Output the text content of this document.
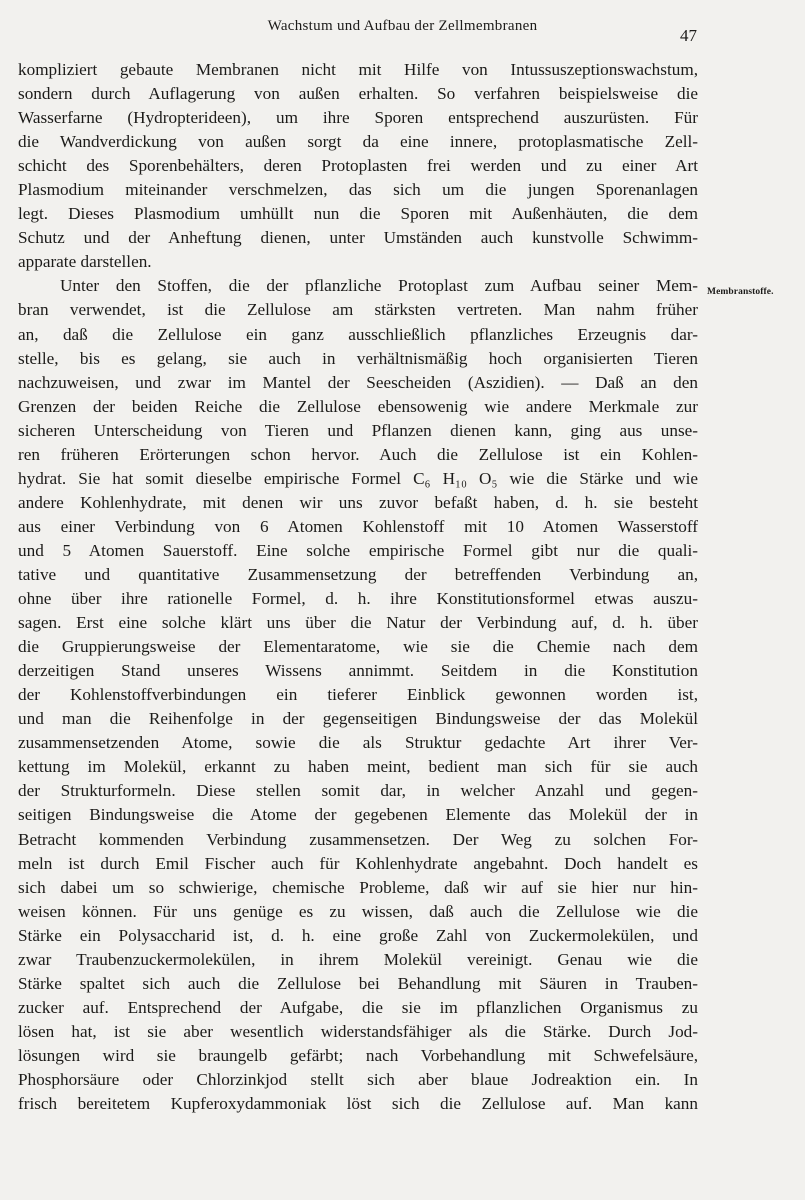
Wachstum und Aufbau der Zellmembranen	47
Membranstoffe.
kompliziert gebaute Membranen nicht mit Hilfe von Intussuszeptionswachstum,
sondern durch Auflagerung von außen erhalten. So verfahren beispielsweise die
Wasserfarne (Hydropterideen), um ihre Sporen entsprechend auszurüsten. Für
die Wandverdickung von außen sorgt da eine innere, protoplasmatische Zell-
schicht des Sporenbehälters, deren Protoplasten frei werden und zu einer Art
Plasmodium miteinander verschmelzen, das sich um die jungen Sporenanlagen
legt. Dieses Plasmodium umhüllt nun die Sporen mit Außenhäuten, die dem
Schutz und der Anheftung dienen, unter Umständen auch kunstvolle Schwimm-
apparate darstellen.
Unter den Stoffen, die der pflanzliche Protoplast zum Aufbau seiner Mem-
bran verwendet, ist die Zellulose am stärksten vertreten. Man nahm früher
an, daß die Zellulose ein ganz ausschließlich pflanzliches Erzeugnis dar-
stelle, bis es gelang, sie auch in verhältnismäßig hoch organisierten Tieren
nachzuweisen, und zwar im Mantel der Seescheiden (Aszidien). — Daß an den
Grenzen der beiden Reiche die Zellulose ebensowenig wie andere Merkmale zur
sicheren Unterscheidung von Tieren und Pflanzen dienen kann, ging aus unse-
ren früheren Erörterungen schon hervor. Auch die Zellulose ist ein Kohlen-
hydrat. Sie hat somit dieselbe empirische Formel C₆ H₁₀ O₅ wie die Stärke und wie
andere Kohlenhydrate, mit denen wir uns zuvor befaßt haben, d. h. sie besteht
aus einer Verbindung von 6 Atomen Kohlenstoff mit 10 Atomen Wasserstoff
und 5 Atomen Sauerstoff. Eine solche empirische Formel gibt nur die quali-
tative und quantitative Zusammensetzung der betreffenden Verbindung an,
ohne über ihre rationelle Formel, d. h. ihre Konstitutionsformel etwas auszu-
sagen. Erst eine solche klärt uns über die Natur der Verbindung auf, d. h. über
die Gruppierungsweise der Elementaratome, wie sie die Chemie nach dem
derzeitigen Stand unseres Wissens annimmt. Seitdem in die Konstitution
der Kohlenstoffverbindungen ein tieferer Einblick gewonnen worden ist,
und man die Reihenfolge in der gegenseitigen Bindungsweise der das Molekül
zusammensetzenden Atome, sowie die als Struktur gedachte Art ihrer Ver-
kettung im Molekül, erkannt zu haben meint, bedient man sich für sie auch
der Strukturformeln. Diese stellen somit dar, in welcher Anzahl und gegen-
seitigen Bindungsweise die Atome der gegebenen Elemente das Molekül der in
Betracht kommenden Verbindung zusammensetzen. Der Weg zu solchen For-
meln ist durch Emil Fischer auch für Kohlenhydrate angebahnt. Doch handelt es
sich dabei um so schwierige, chemische Probleme, daß wir auf sie hier nur hin-
weisen können. Für uns genüge es zu wissen, daß auch die Zellulose wie die
Stärke ein Polysaccharid ist, d. h. eine große Zahl von Zuckermolekülen, und
zwar Traubenzuckermolekülen, in ihrem Molekül vereinigt. Genau wie die
Stärke spaltet sich auch die Zellulose bei Behandlung mit Säuren in Trauben-
zucker auf. Entsprechend der Aufgabe, die sie im pflanzlichen Organismus zu
lösen hat, ist sie aber wesentlich widerstandsfähiger als die Stärke. Durch Jod-
lösungen wird sie braungelb gefärbt; nach Vorbehandlung mit Schwefelsäure,
Phosphorsäure oder Chlorzinkjod stellt sich aber blaue Jodreaktion ein. In
frisch bereitetem Kupferoxydammoniak löst sich die Zellulose auf. Man kann
